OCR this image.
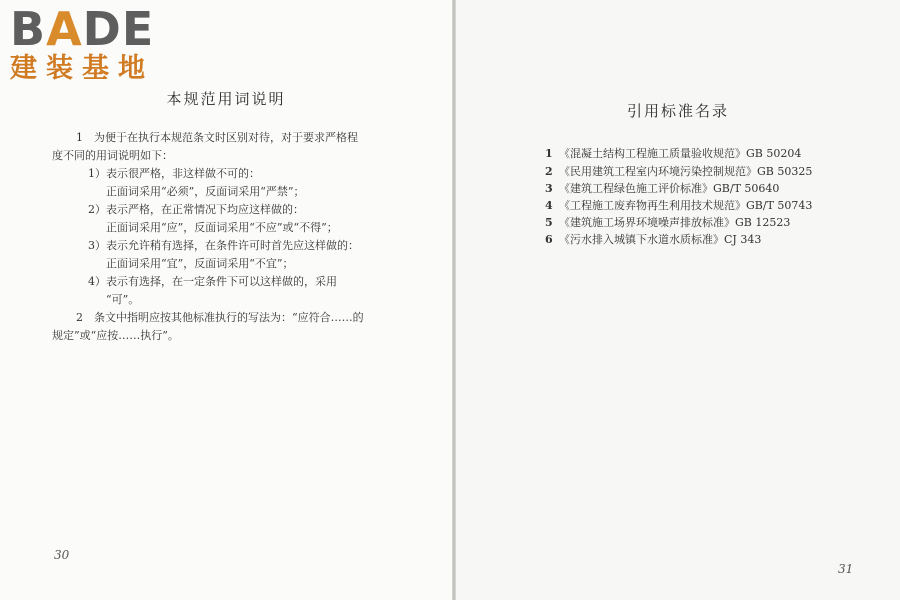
BADE
建装基地
本规范用词说明
1　为便于在执行本规范条文时区别对待，对于要求严格程
度不同的用词说明如下：
1）表示很严格，非这样做不可的：
正面词采用“必须”，反面词采用“严禁”；
2）表示严格，在正常情况下均应这样做的：
正面词采用“应”，反面词采用“不应”或“不得”；
3）表示允许稍有选择，在条件许可时首先应这样做的：
正面词采用“宜”，反面词采用“不宜”；
4）表示有选择，在一定条件下可以这样做的，采用
“可”。
2　条文中指明应按其他标准执行的写法为：“应符合……的
规定”或“应按……执行”。
30
引用标准名录
1 《混凝土结构工程施工质量验收规范》GB 50204
2 《民用建筑工程室内环境污染控制规范》GB 50325
3 《建筑工程绿色施工评价标准》GB/T 50640
4 《工程施工废弃物再生利用技术规范》GB/T 50743
5 《建筑施工场界环境噪声排放标准》GB 12523
6 《污水排入城镇下水道水质标准》CJ 343
31
